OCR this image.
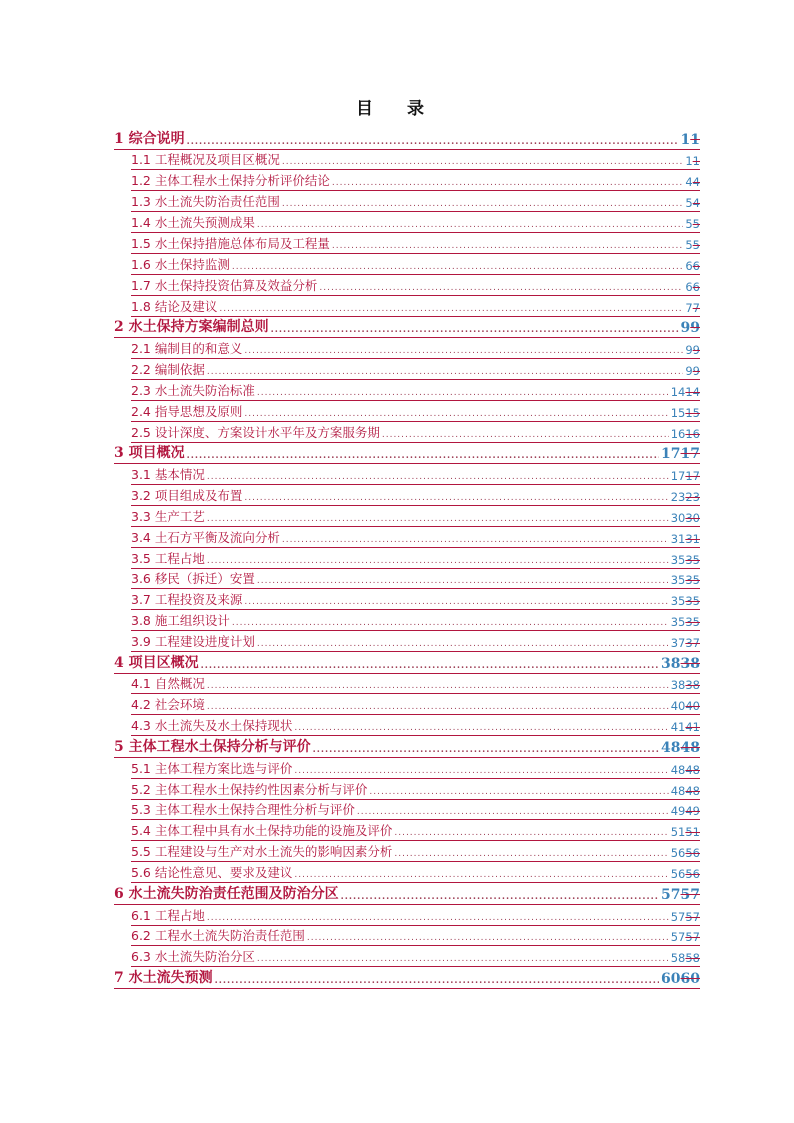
目 录
1 综合说明 .....	11
1.1 工程概况及项目区概况 .....	11
1.2 主体工程水土保持分析评价结论 .....	44
1.3 水土流失防治责任范围 .....	54
1.4 水土流失预测成果 .....	55
1.5 水土保持措施总体布局及工程量 .....	55
1.6 水土保持监测 .....	66
1.7 水土保持投资估算及效益分析 .....	66
1.8 结论及建议 .....	77
2 水土保持方案编制总则 .....	99
2.1 编制目的和意义 .....	99
2.2 编制依据 .....	99
2.3 水土流失防治标准 .....	1414
2.4 指导思想及原则 .....	1515
2.5 设计深度、方案设计水平年及方案服务期 .....	1616
3 项目概况 .....	1717
3.1 基本情况 .....	1717
3.2 项目组成及布置 .....	2323
3.3 生产工艺 .....	3030
3.4 土石方平衡及流向分析 .....	3131
3.5 工程占地 .....	3535
3.6 移民（拆迁）安置 .....	3535
3.7 工程投资及来源 .....	3535
3.8 施工组织设计 .....	3535
3.9 工程建设进度计划 .....	3737
4 项目区概况 .....	3838
4.1 自然概况 .....	3838
4.2 社会环境 .....	4040
4.3 水土流失及水土保持现状 .....	4141
5 主体工程水土保持分析与评价 .....	4848
5.1 主体工程方案比选与评价 .....	4848
5.2 主体工程水土保持约性因素分析与评价 .....	4848
5.3 主体工程水土保持合理性分析与评价 .....	4949
5.4 主体工程中具有水土保持功能的设施及评价 .....	5151
5.5 工程建设与生产对水土流失的影响因素分析 .....	5656
5.6 结论性意见、要求及建议 .....	5656
6 水土流失防治责任范围及防治分区 .....	5757
6.1 工程占地 .....	5757
6.2 工程水土流失防治责任范围 .....	5757
6.3 水土流失防治分区 .....	5858
7 水土流失预测 .....	6060
